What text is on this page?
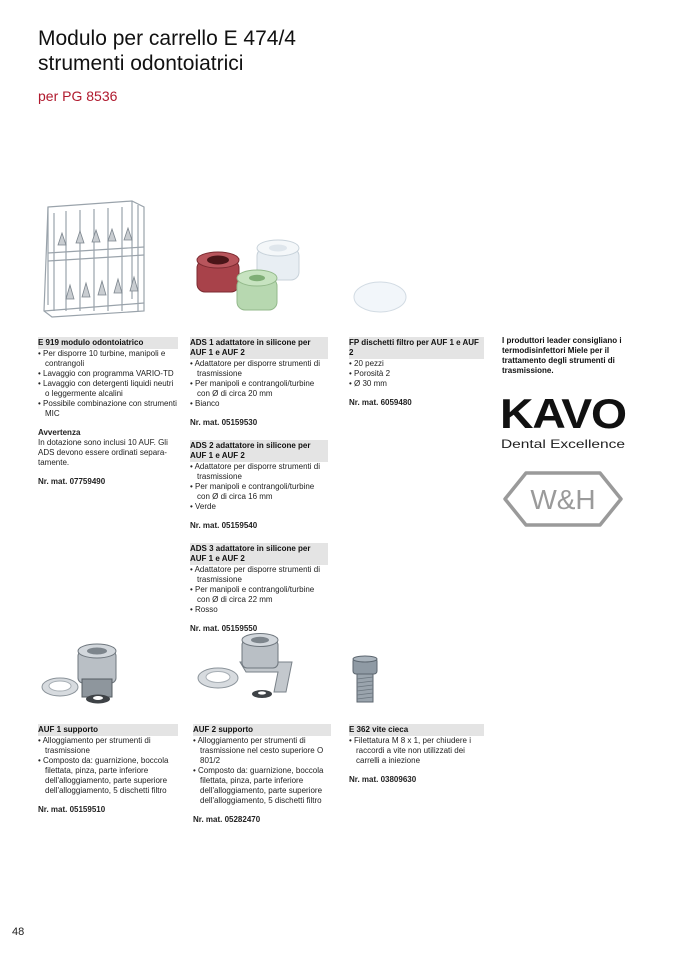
Modulo per carrello E 474/4
strumenti odontoiatrici
per PG 8536
E 919 modulo odontoiatrico
• Per disporre 10 turbine, manipoli e contrangoli
• Lavaggio con programma VARIO-TD
• Lavaggio con detergenti liquidi neutri o leggermente alcalini
• Possibile combinazione con strumenti MIC
Avvertenza
In dotazione sono inclusi 10 AUF. Gli ADS devono essere ordinati separa-tamente.
Nr. mat. 07759490
ADS 1 adattatore in silicone per AUF 1 e AUF 2
• Adattatore per disporre strumenti di trasmissione
• Per manipoli e contrangoli/turbine con Ø di circa 20 mm
• Bianco
Nr. mat. 05159530
ADS 2 adattatore in silicone per AUF 1 e AUF 2
• Adattatore per disporre strumenti di trasmissione
• Per manipoli e contrangoli/turbine con Ø di circa 16 mm
• Verde
Nr. mat. 05159540
ADS 3 adattatore in silicone per AUF 1 e AUF 2
• Adattatore per disporre strumenti di trasmissione
• Per manipoli e contrangoli/turbine con Ø di circa 22 mm
• Rosso
Nr. mat. 05159550
FP dischetti filtro per AUF 1 e AUF 2
• 20 pezzi
• Porosità 2
• Ø 30 mm
Nr. mat. 6059480
I produttori leader consigliano i termodisinfettori Miele per il trattamento degli strumenti di trasmissione.
KAVO
Dental Excellence
W&H
AUF 1 supporto
• Alloggiamento per strumenti di trasmissione
• Composto da: guarnizione, boccola filettata, pinza, parte inferiore dell'alloggiamento, parte superiore dell'alloggiamento, 5 dischetti filtro
Nr. mat. 05159510
AUF 2 supporto
• Alloggiamento per strumenti di trasmissione nel cesto superiore O 801/2
• Composto da: guarnizione, boccola filettata, pinza, parte inferiore dell'alloggiamento, parte superiore dell'alloggiamento, 5 dischetti filtro
Nr. mat. 05282470
E 362 vite cieca
• Filettatura M 8 x 1, per chiudere i raccordi a vite non utilizzati dei carrelli a iniezione
Nr. mat. 03809630
48
